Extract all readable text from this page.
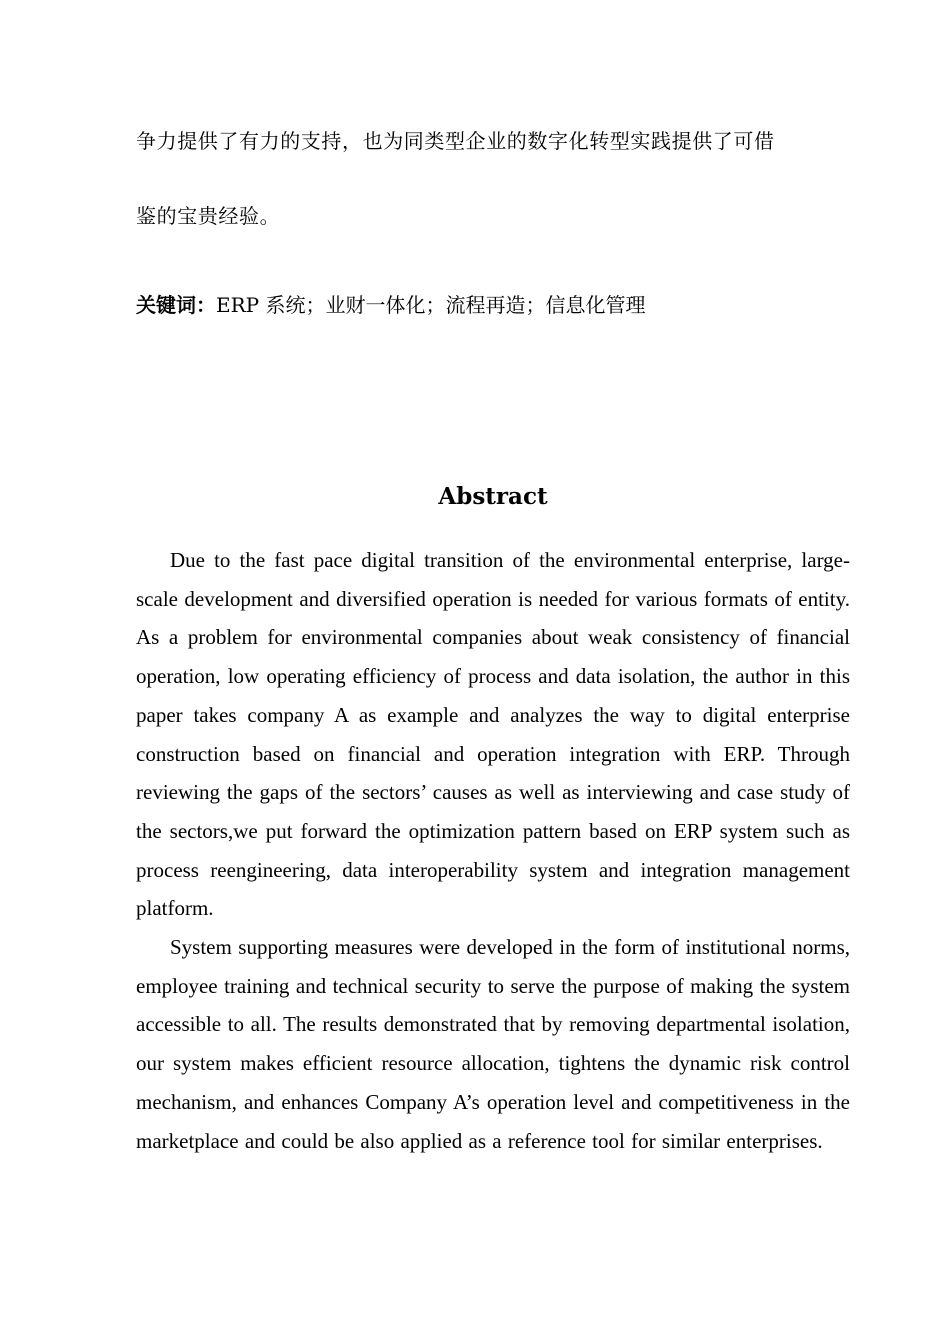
争力提供了有力的支持，也为同类型企业的数字化转型实践提供了可借
鉴的宝贵经验。
关键词：ERP 系统；业财一体化；流程再造；信息化管理
Abstract

Due to the fast pace digital transition of the environmental enterprise, large-scale development and diversified operation is needed for various formats of entity. As a problem for environmental companies about weak consistency of financial operation, low operating efficiency of process and data isolation, the author in this paper takes company A as example and analyzes the way to digital enterprise construction based on financial and operation integration with ERP. Through reviewing the gaps of the sectors’ causes as well as interviewing and case study of the sectors,we put forward the optimization pattern based on ERP system such as process reengineering, data interoperability system and integration management platform.

System supporting measures were developed in the form of institutional norms, employee training and technical security to serve the purpose of making the system accessible to all. The results demonstrated that by removing departmental isolation, our system makes efficient resource allocation, tightens the dynamic risk control mechanism, and enhances Company A’s operation level and competitiveness in the marketplace and could be also applied as a reference tool for similar enterprises.
